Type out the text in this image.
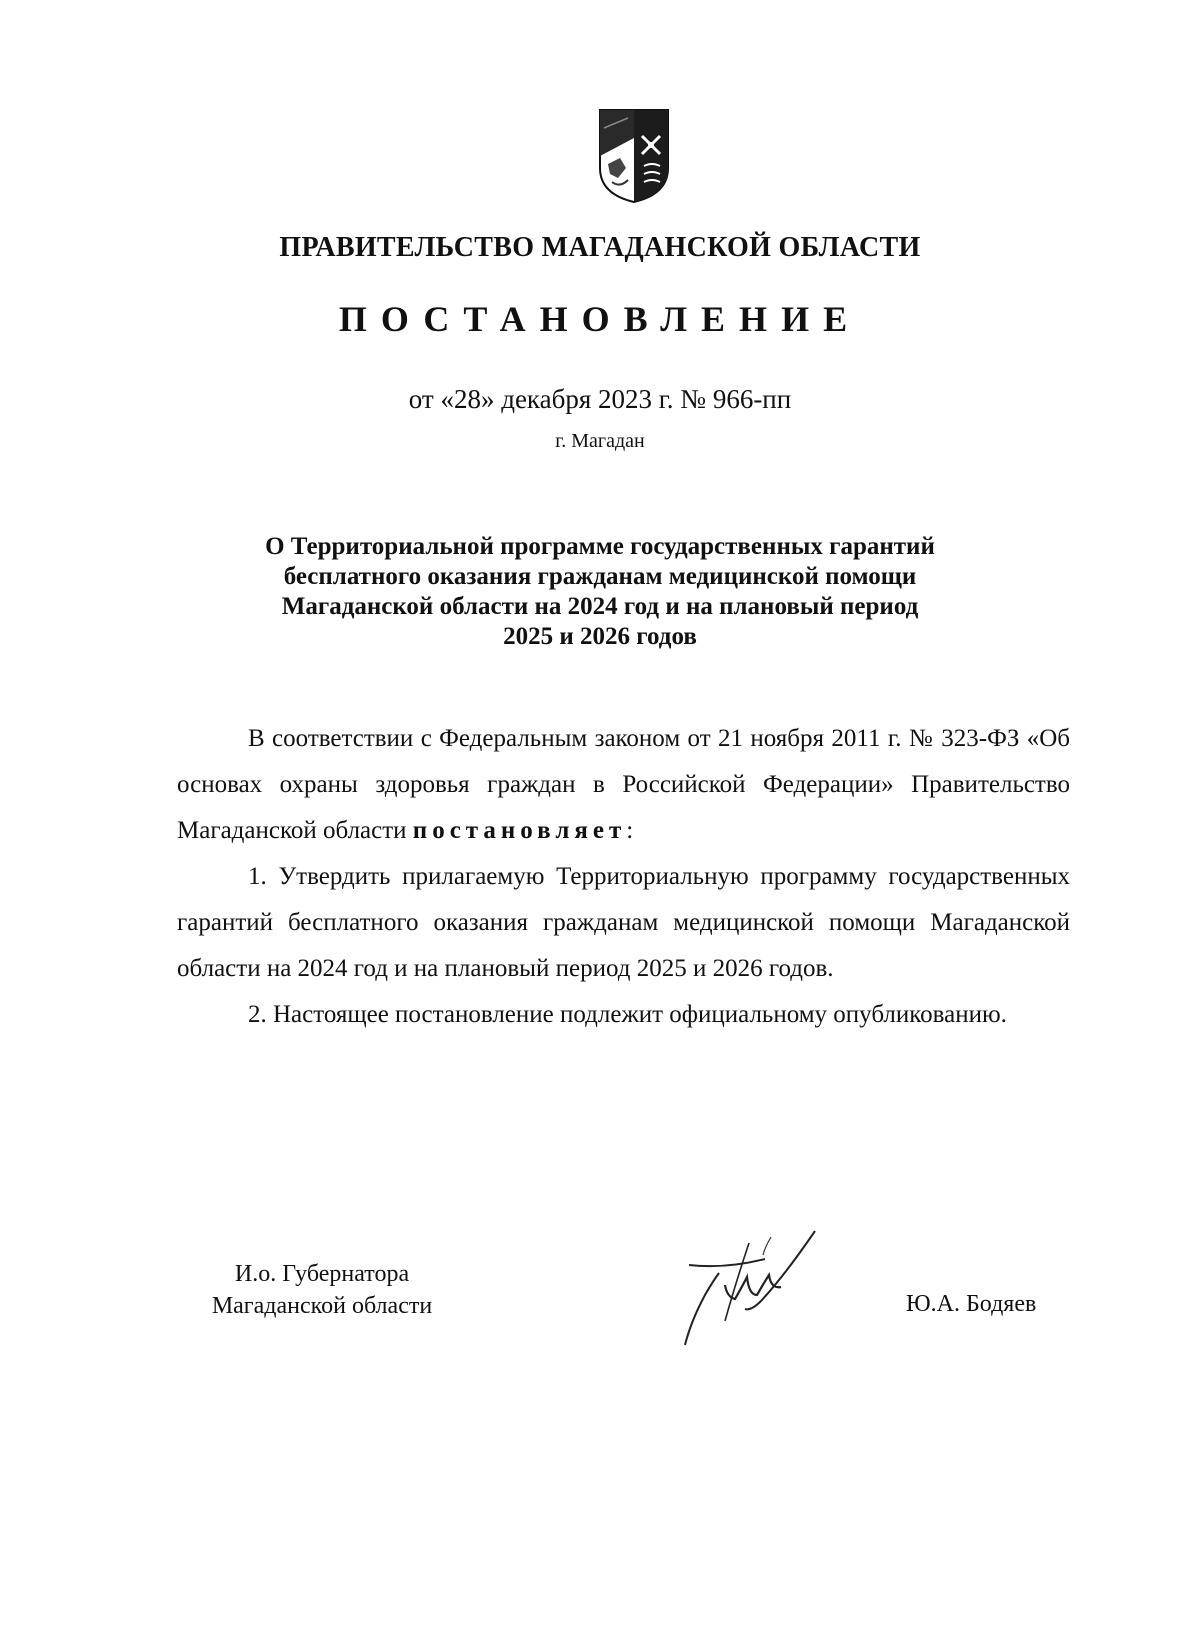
ПРАВИТЕЛЬСТВО МАГАДАНСКОЙ ОБЛАСТИ
ПОСТАНОВЛЕНИЕ
от «28» декабря 2023 г. № 966-пп
г. Магадан
О Территориальной программе государственных гарантий
бесплатного оказания гражданам медицинской помощи
Магаданской области на 2024 год и на плановый период
2025 и 2026 годов

В соответствии с Федеральным законом от 21 ноября 2011 г. № 323-ФЗ «Об основах охраны здоровья граждан в Российской Федерации» Правительство Магаданской области постановляет:

1. Утвердить прилагаемую Территориальную программу государственных гарантий бесплатного оказания гражданам медицинской помощи Магаданской области на 2024 год и на плановый период 2025 и 2026 годов.

2. Настоящее постановление подлежит официальному опубликованию.

И.о. Губернатора
Магаданской области	Ю.А. Бодяев
